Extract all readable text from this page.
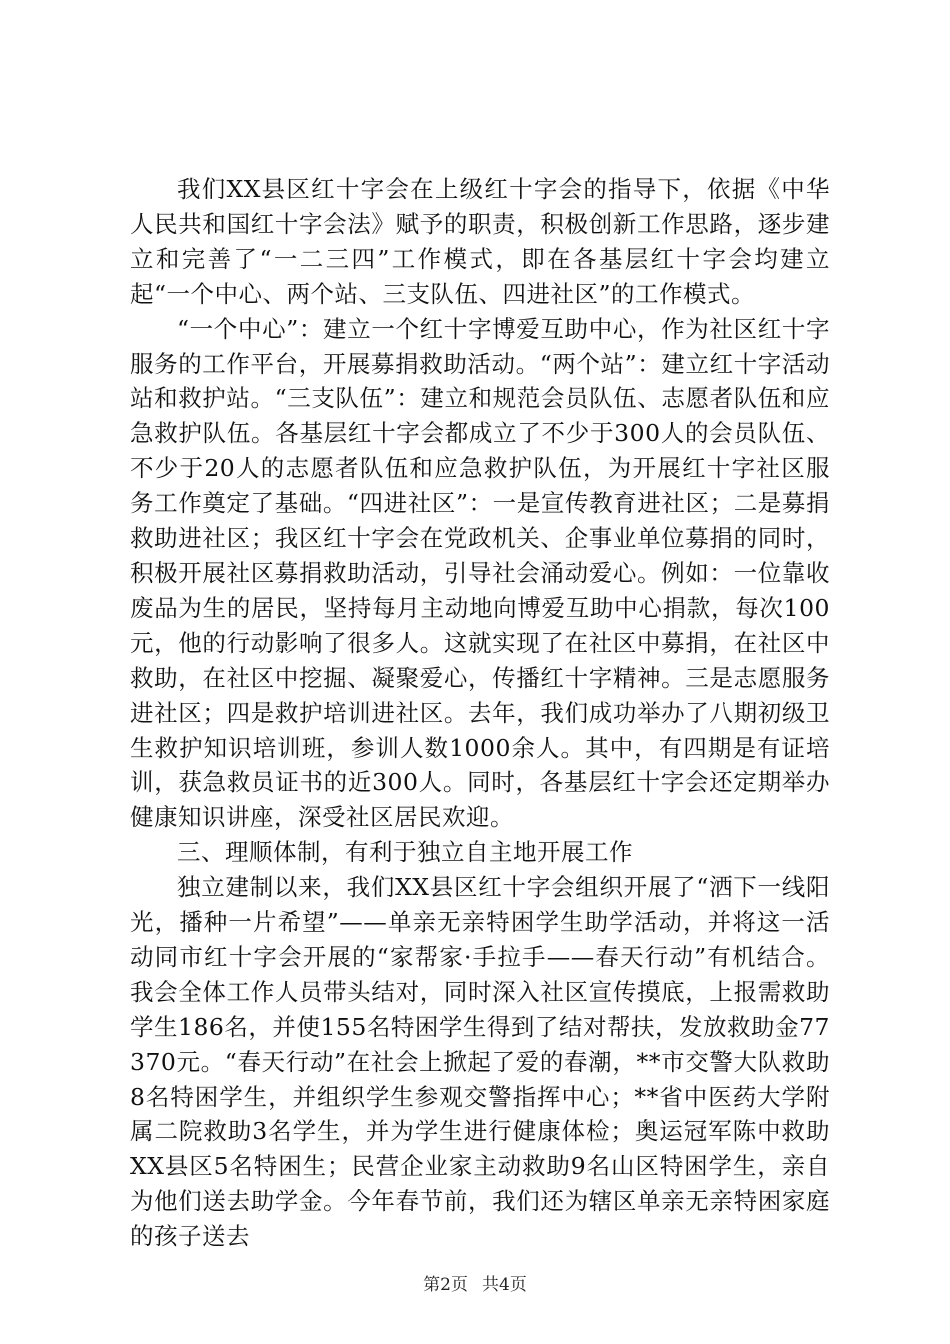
我们XX县区红十字会在上级红十字会的指导下，依据《中华人民共和国红十字会法》赋予的职责，积极创新工作思路，逐步建立和完善了“一二三四”工作模式，即在各基层红十字会均建立起“一个中心、两个站、三支队伍、四进社区”的工作模式。

“一个中心”：建立一个红十字博爱互助中心，作为社区红十字服务的工作平台，开展募捐救助活动。“两个站”：建立红十字活动站和救护站。“三支队伍”：建立和规范会员队伍、志愿者队伍和应急救护队伍。各基层红十字会都成立了不少于300人的会员队伍、不少于20人的志愿者队伍和应急救护队伍，为开展红十字社区服务工作奠定了基础。“四进社区”：一是宣传教育进社区；二是募捐救助进社区；我区红十字会在党政机关、企事业单位募捐的同时，积极开展社区募捐救助活动，引导社会涌动爱心。例如：一位靠收废品为生的居民，坚持每月主动地向博爱互助中心捐款，每次100元，他的行动影响了很多人。这就实现了在社区中募捐，在社区中救助，在社区中挖掘、凝聚爱心，传播红十字精神。三是志愿服务进社区；四是救护培训进社区。去年，我们成功举办了八期初级卫生救护知识培训班，参训人数1000余人。其中，有四期是有证培训，获急救员证书的近300人。同时，各基层红十字会还定期举办健康知识讲座，深受社区居民欢迎。

三、理顺体制，有利于独立自主地开展工作

独立建制以来，我们XX县区红十字会组织开展了“洒下一线阳光，播种一片希望”——单亲无亲特困学生助学活动，并将这一活动同市红十字会开展的“家帮家·手拉手——春天行动”有机结合。我会全体工作人员带头结对，同时深入社区宣传摸底，上报需救助学生186名，并使155名特困学生得到了结对帮扶，发放救助金77370元。“春天行动”在社会上掀起了爱的春潮，**市交警大队救助8名特困学生，并组织学生参观交警指挥中心；**省中医药大学附属二院救助3名学生，并为学生进行健康体检；奥运冠军陈中救助XX县区5名特困生；民营企业家主动救助9名山区特困学生，亲自为他们送去助学金。今年春节前，我们还为辖区单亲无亲特困家庭的孩子送去

第2页 共4页
